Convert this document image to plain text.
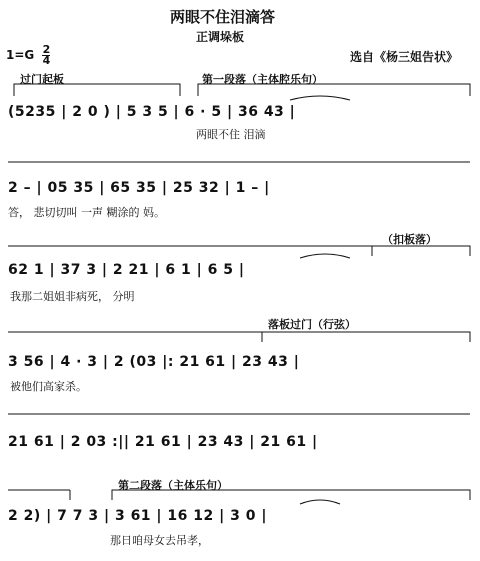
两眼不住泪滴答
正调垛板
$1=G \frac{2}{4}$	选自《杨三姐告状》
过门起板	第一段落（主体腔乐句）
（扣板落）
落板过门（行弦）
第二段落（主体乐句）
(5235 | 2 0 ) | 5 3 5 | 6 · 5 | 36 43 |
两眼不住 泪滴
2 – | 05 35 | 65 35 | 25 32 | 1 – |
答， 悲切切叫 一声 糊涂的 妈。
62 1 | 37 3 | 2 21 | 6 1 | 6 5 |
我那二姐姐非病死， 分明
3 56 | 4 · 3 | 2 (03 |: 21 61 | 23 43 |
被他们高家杀。
21 61 | 2 03 :|| 21 61 | 23 43 | 21 61 |
2 2) | 7 7 3 | 3 61 | 16 12 | 3 0 |
那日咱母女去吊孝，
